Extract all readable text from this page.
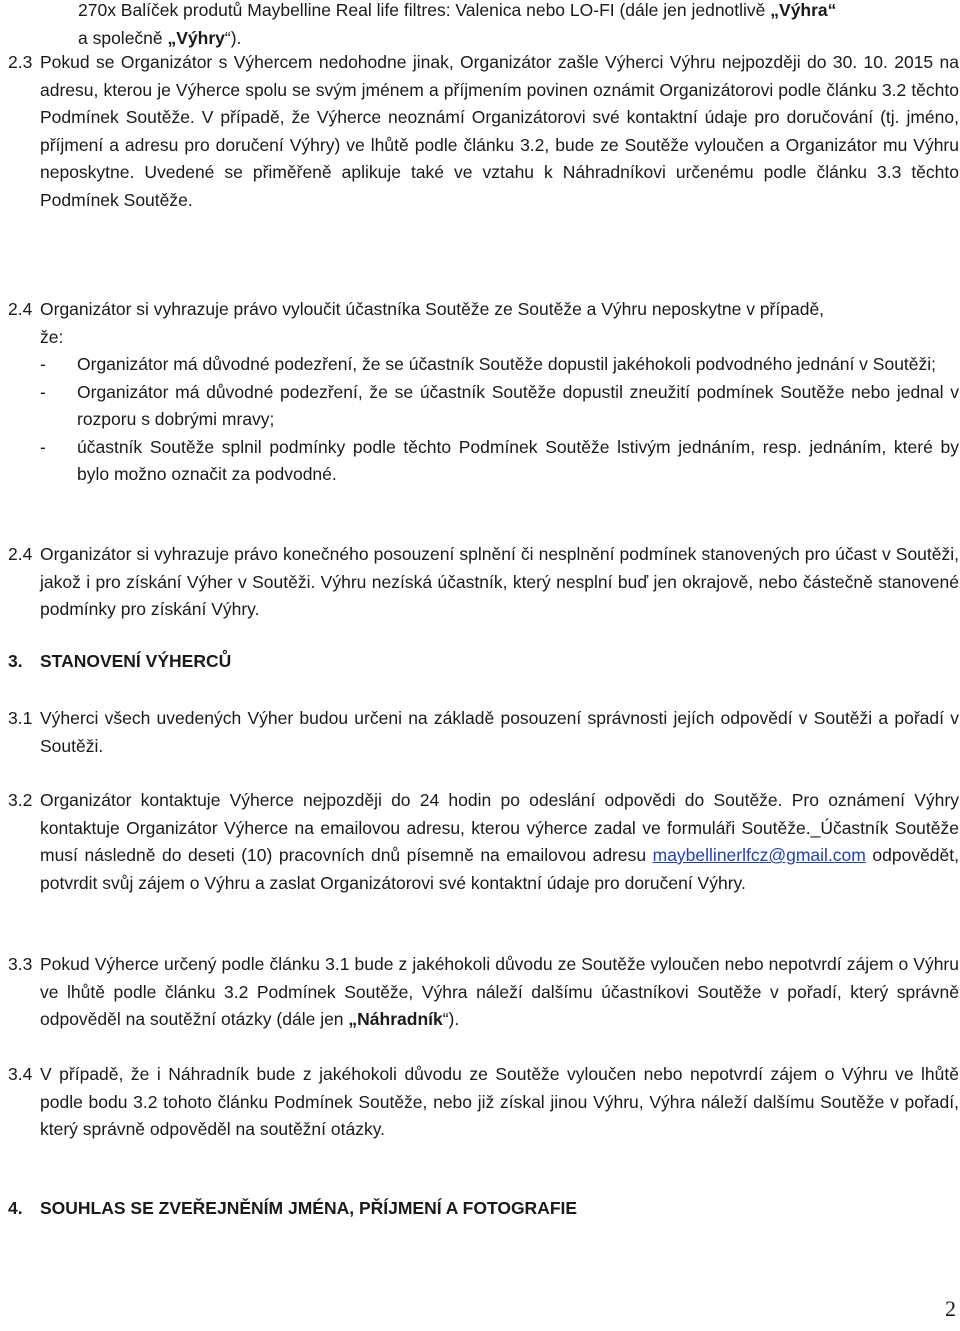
270x Balíček produtů Maybelline Real life filtres: Valenica nebo LO-FI (dále jen jednotlivě „Výhra“
a společně „Výhry“).
2.3 Pokud se Organizátor s Výhercem nedohodne jinak, Organizátor zašle Výherci Výhru nejpozději do 30. 10. 2015 na adresu, kterou je Výherce spolu se svým jménem a příjmením povinen oznámit Organizátorovi podle článku 3.2 těchto Podmínek Soutěže. V případě, že Výherce neoznámí Organizátorovi své kontaktní údaje pro doručování (tj. jméno, příjmení a adresu pro doručení Výhry) ve lhůtě podle článku 3.2, bude ze Soutěže vyloučen a Organizátor mu Výhru neposkytne. Uvedené se přiměřeně aplikuje také ve vztahu k Náhradníkovi určenému podle článku 3.3 těchto Podmínek Soutěže.
2.4 Organizátor si vyhrazuje právo vyloučit účastníka Soutěže ze Soutěže a Výhru neposkytne v případě,
že:
-	Organizátor má důvodné podezření, že se účastník Soutěže dopustil jakéhokoli podvodného jednání v Soutěži;
-	Organizátor má důvodné podezření, že se účastník Soutěže dopustil zneužití podmínek Soutěže nebo jednal v rozporu s dobrými mravy;
-	účastník Soutěže splnil podmínky podle těchto Podmínek Soutěže lstivým jednáním, resp. jednáním, které by bylo možno označit za podvodné.
2.4 Organizátor si vyhrazuje právo konečného posouzení splnění či nesplnění podmínek stanovených pro účast v Soutěži, jakož i pro získání Výher v Soutěži. Výhru nezíská účastník, který nesplní buď jen okrajově, nebo částečně stanovené podmínky pro získání Výhry.
3. STANOVENÍ VÝHERCŮ
3.1 Výherci všech uvedených Výher budou určeni na základě posouzení správnosti jejích odpovědí v Soutěži a pořadí v Soutěži.
3.2 Organizátor kontaktuje Výherce nejpozději do 24 hodin po odeslání odpovědi do Soutěže. Pro oznámení Výhry kontaktuje Organizátor Výherce na emailovou adresu, kterou výherce zadal ve formuláři Soutěže._Účastník Soutěže musí následně do deseti (10) pracovních dnů písemně na emailovou adresu maybellinerlfcz@gmail.com odpovědět, potvrdit svůj zájem o Výhru a zaslat Organizátorovi své kontaktní údaje pro doručení Výhry.
3.3 Pokud Výherce určený podle článku 3.1 bude z jakéhokoli důvodu ze Soutěže vyloučen nebo nepotvrdí zájem o Výhru ve lhůtě podle článku 3.2 Podmínek Soutěže, Výhra náleží dalšímu účastníkovi Soutěže v pořadí, který správně odpověděl na soutěžní otázky (dále jen „Náhradník“).
3.4 V případě, že i Náhradník bude z jakéhokoli důvodu ze Soutěže vyloučen nebo nepotvrdí zájem o Výhru ve lhůtě podle bodu 3.2 tohoto článku Podmínek Soutěže, nebo již získal jinou Výhru, Výhra náleží dalšímu Soutěže v pořadí, který správně odpověděl na soutěžní otázky.
4. SOUHLAS SE ZVEŘEJNĚNÍM JMÉNA, PŘÍJMENÍ A FOTOGRAFIE
2
